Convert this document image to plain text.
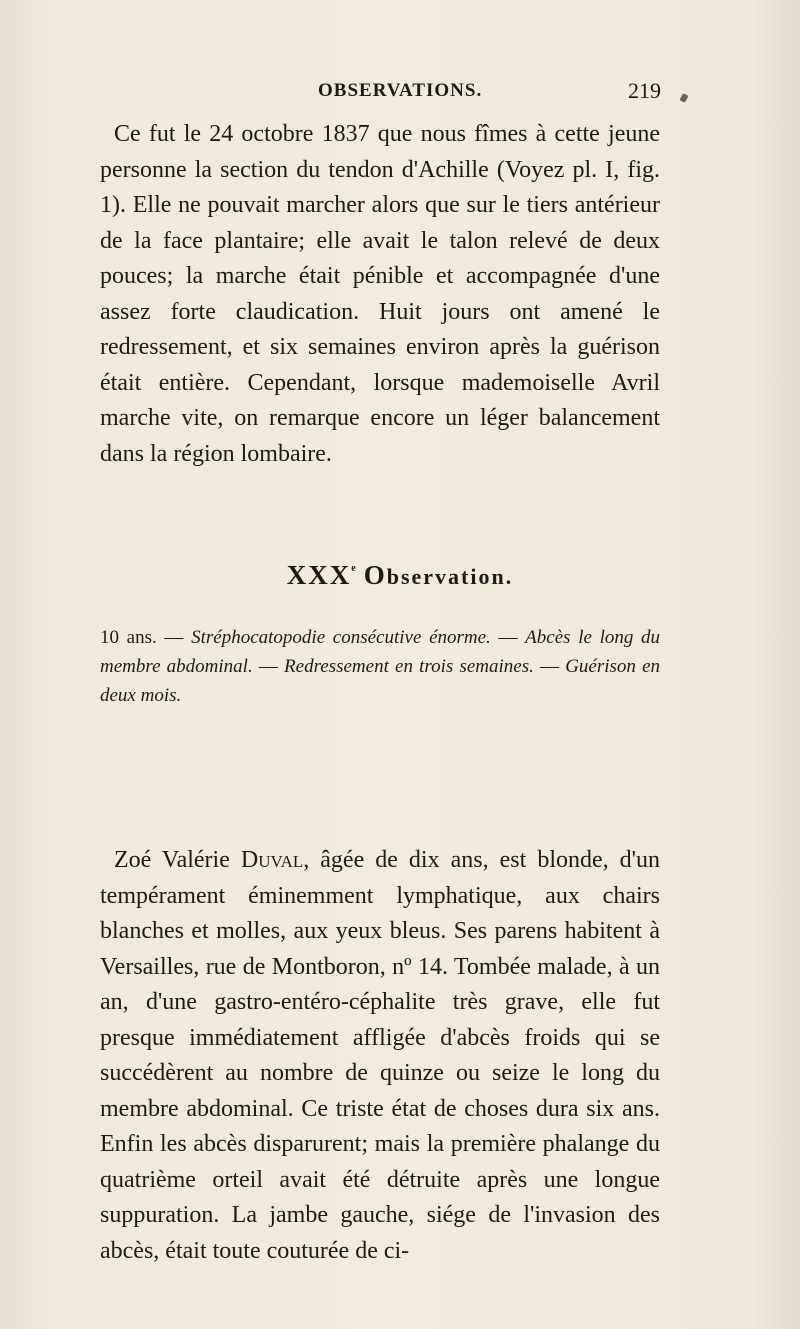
OBSERVATIONS.	219

Ce fut le 24 octobre 1837 que nous fîmes à cette jeune personne la section du tendon d'Achille (Voyez pl. I, fig. 1). Elle ne pouvait marcher alors que sur le tiers antérieur de la face plantaire; elle avait le talon relevé de deux pouces; la marche était pénible et accompagnée d'une assez forte claudication. Huit jours ont amené le redressement, et six semaines environ après la guérison était entière. Cependant, lorsque mademoiselle Avril marche vite, on remarque encore un léger balancement dans la région lombaire.

XXXe Observation.

10 ans. — Stréphocatopodie consécutive énorme. — Abcès le long du membre abdominal. — Redressement en trois semaines. — Guérison en deux mois.

Zoé Valérie Duval, âgée de dix ans, est blonde, d'un tempérament éminemment lymphatique, aux chairs blanches et molles, aux yeux bleus. Ses parens habitent à Versailles, rue de Montboron, nº 14. Tombée malade, à un an, d'une gastro-entéro-céphalite très grave, elle fut presque immédiatement affligée d'abcès froids qui se succédèrent au nombre de quinze ou seize le long du membre abdominal. Ce triste état de choses dura six ans. Enfin les abcès disparurent; mais la première phalange du quatrième orteil avait été détruite après une longue suppuration. La jambe gauche, siége de l'invasion des abcès, était toute couturée de ci-
